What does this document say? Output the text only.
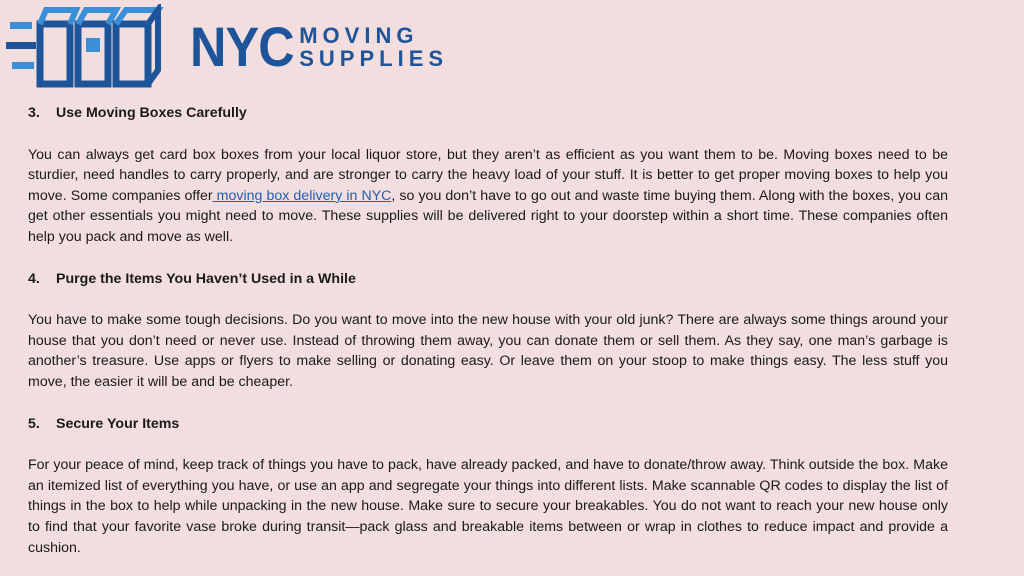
NYC MOVING
SUPPLIES

3.	Use Moving Boxes Carefully

You can always get card box boxes from your local liquor store, but they aren’t as efficient as you want them to be. Moving boxes need to be sturdier, need handles to carry properly, and are stronger to carry the heavy load of your stuff. It is better to get proper moving boxes to help you move. Some companies offer moving box delivery in NYC, so you don’t have to go out and waste time buying them. Along with the boxes, you can get other essentials you might need to move. These supplies will be delivered right to your doorstep within a short time. These companies often help you pack and move as well.

4.	Purge the Items You Haven’t Used in a While

You have to make some tough decisions. Do you want to move into the new house with your old junk? There are always some things around your house that you don’t need or never use. Instead of throwing them away, you can donate them or sell them. As they say, one man’s garbage is another’s treasure. Use apps or flyers to make selling or donating easy. Or leave them on your stoop to make things easy. The less stuff you move, the easier it will be and be cheaper.

5.	Secure Your Items

For your peace of mind, keep track of things you have to pack, have already packed, and have to donate/throw away. Think outside the box. Make an itemized list of everything you have, or use an app and segregate your things into different lists. Make scannable QR codes to display the list of things in the box to help while unpacking in the new house. Make sure to secure your breakables. You do not want to reach your new house only to find that your favorite vase broke during transit—pack glass and breakable items between or wrap in clothes to reduce impact and provide a cushion.
